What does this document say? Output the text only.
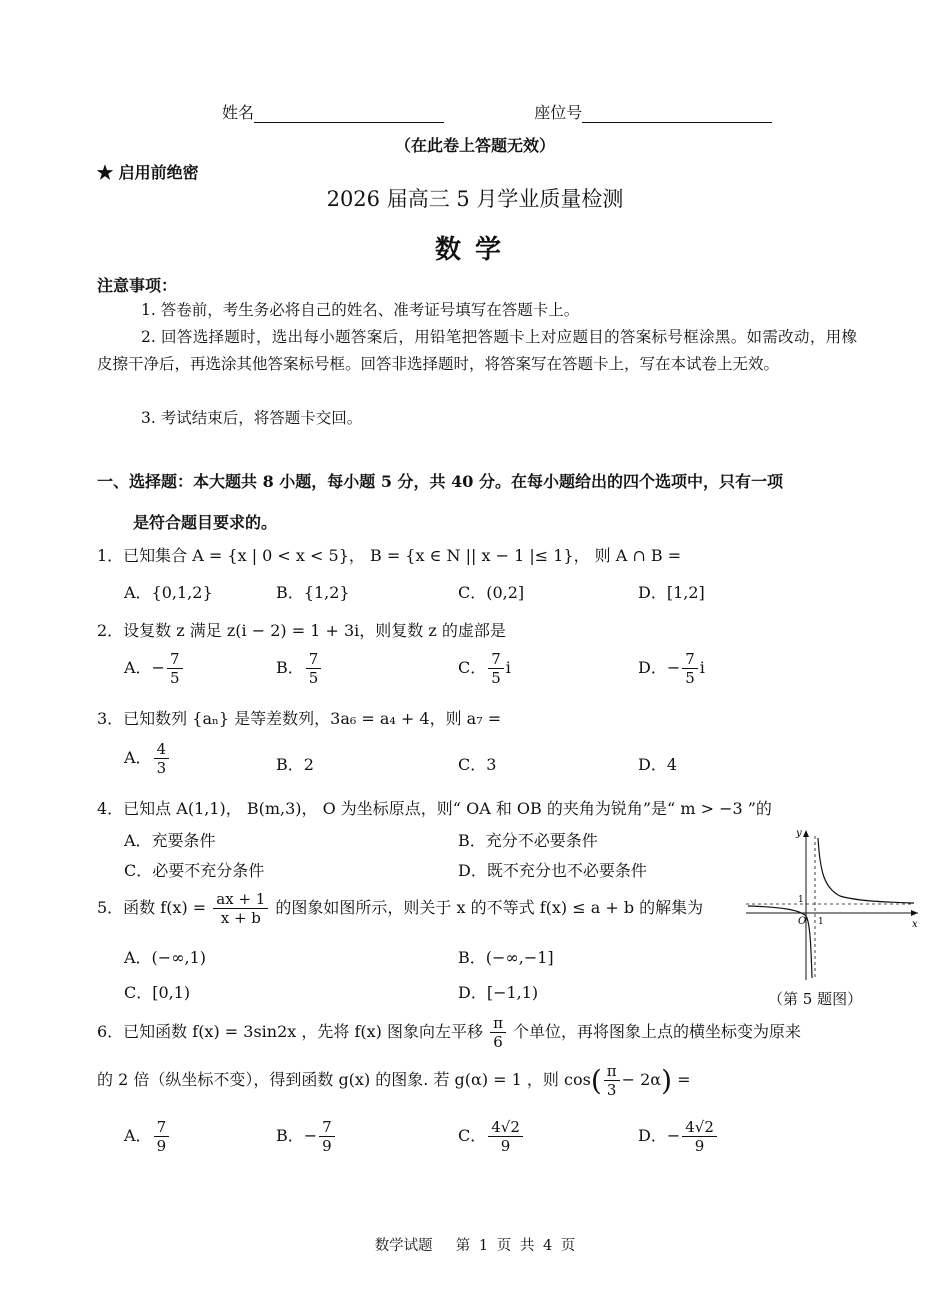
姓名	座位号
（在此卷上答题无效）
★ 启用前绝密
2026 届高三 5 月学业质量检测
数学
注意事项：
1. 答卷前，考生务必将自己的姓名、准考证号填写在答题卡上。
2. 回答选择题时，选出每小题答案后，用铅笔把答题卡上对应题目的答案标号框涂黑。如需改动，用橡皮擦干净后，再选涂其他答案标号框。回答非选择题时，将答案写在答题卡上，写在本试卷上无效。
3. 考试结束后，将答题卡交回。
一、选择题：本大题共 8 小题，每小题 5 分，共 40 分。在每小题给出的四个选项中，只有一项
是符合题目要求的。
1．已知集合 A = {x | 0 < x < 5}， B = {x ∈ N || x − 1 |≤ 1}， 则 A ∩ B =
A．{0,1,2}	B．{1,2}	C．(0,2]	D．[1,2]
2．设复数 z 满足 z(i − 2) = 1 + 3i，则复数 z 的虚部是
A．− $\frac{7}{5}$	B． $\frac{7}{5}$	C． $\frac{7}{5}$ i	D．− $\frac{7}{5}$ i
3．已知数列 {aₙ} 是等差数列，3a₆ = a₄ + 4，则 a₇ =
A． $\frac{4}{3}$	B．2	C．3	D．4
4．已知点 A(1,1)， B(m,3)， O 为坐标原点，则“ OA 和 OB 的夹角为锐角”是“ m > −3 ”的
A．充要条件	B．充分不必要条件
C．必要不充分条件	D．既不充分也不必要条件
y
x
1
O 1
（第 5 题图）
5．函数 $f(x) = \frac{ax + 1}{x + b}$ 的图象如图所示，则关于 x 的不等式 f(x) ≤ a + b 的解集为
A．(−∞,1)	B．(−∞,−1]
C．[0,1)	D．[−1,1)
6．已知函数 f(x) = 3sin2x ，先将 f(x) 图象向左平移 $\frac{\pi}{6}$ 个单位，再将图象上点的横坐标变为原来
的 2 倍（纵坐标不变），得到函数 g(x) 的图象. 若 g(α) = 1 ，则 $\cos( \frac{\pi}{3} - 2\alpha)$ =
A． $\frac{7}{9}$	B．− $\frac{7}{9}$	C． $\frac{4√2}{9}$	D．− $\frac{4√2}{9}$
数学试题　 第 1 页 共 4 页
